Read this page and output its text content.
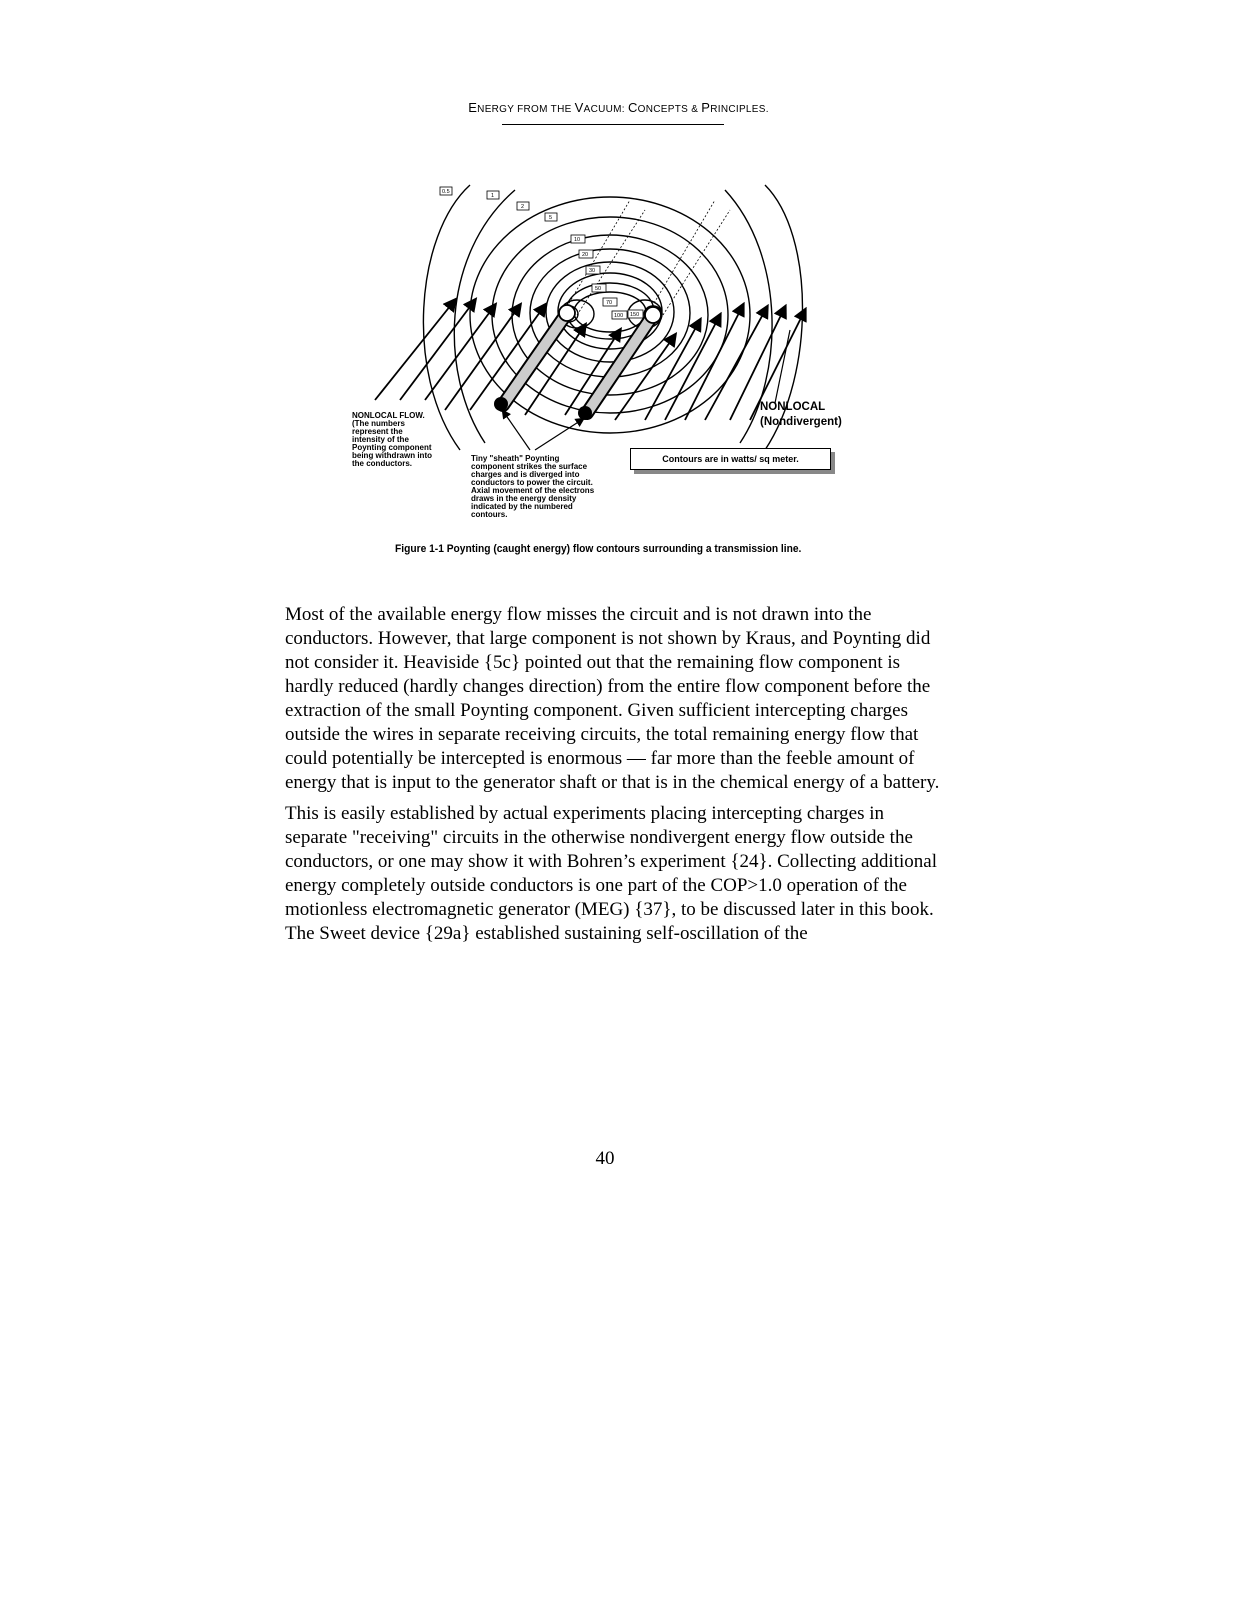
ENERGY FROM THE VACUUM: CONCEPTS & PRINCIPLES.
0.5
1
2
5
10
20
30
50
70
100 150
NONLOCAL FLOW.
(The numbers
represent the
intensity of the
Poynting component
being withdrawn into
the conductors.
Tiny "sheath" Poynting
component strikes the surface
charges and is diverged into
conductors to power the circuit.
Axial movement of the electrons
draws in the energy density
indicated by the numbered
contours.
NONLOCAL
(Nondivergent)
Contours are in watts/ sq meter.
Figure 1-1 Poynting (caught energy) flow contours surrounding a transmission line.

Most of the available energy flow misses the circuit and is not drawn into the conductors. However, that large component is not shown by Kraus, and Poynting did not consider it. Heaviside {5c} pointed out that the remaining flow component is hardly reduced (hardly changes direction) from the entire flow component before the extraction of the small Poynting component. Given sufficient intercepting charges outside the wires in separate receiving circuits, the total remaining energy flow that could potentially be intercepted is enormous — far more than the feeble amount of energy that is input to the generator shaft or that is in the chemical energy of a battery.

This is easily established by actual experiments placing intercepting charges in separate "receiving" circuits in the otherwise nondivergent energy flow outside the conductors, or one may show it with Bohren’s experiment {24}. Collecting additional energy completely outside conductors is one part of the COP>1.0 operation of the motionless electromagnetic generator (MEG) {37}, to be discussed later in this book. The Sweet device {29a} established sustaining self-oscillation of the

40
